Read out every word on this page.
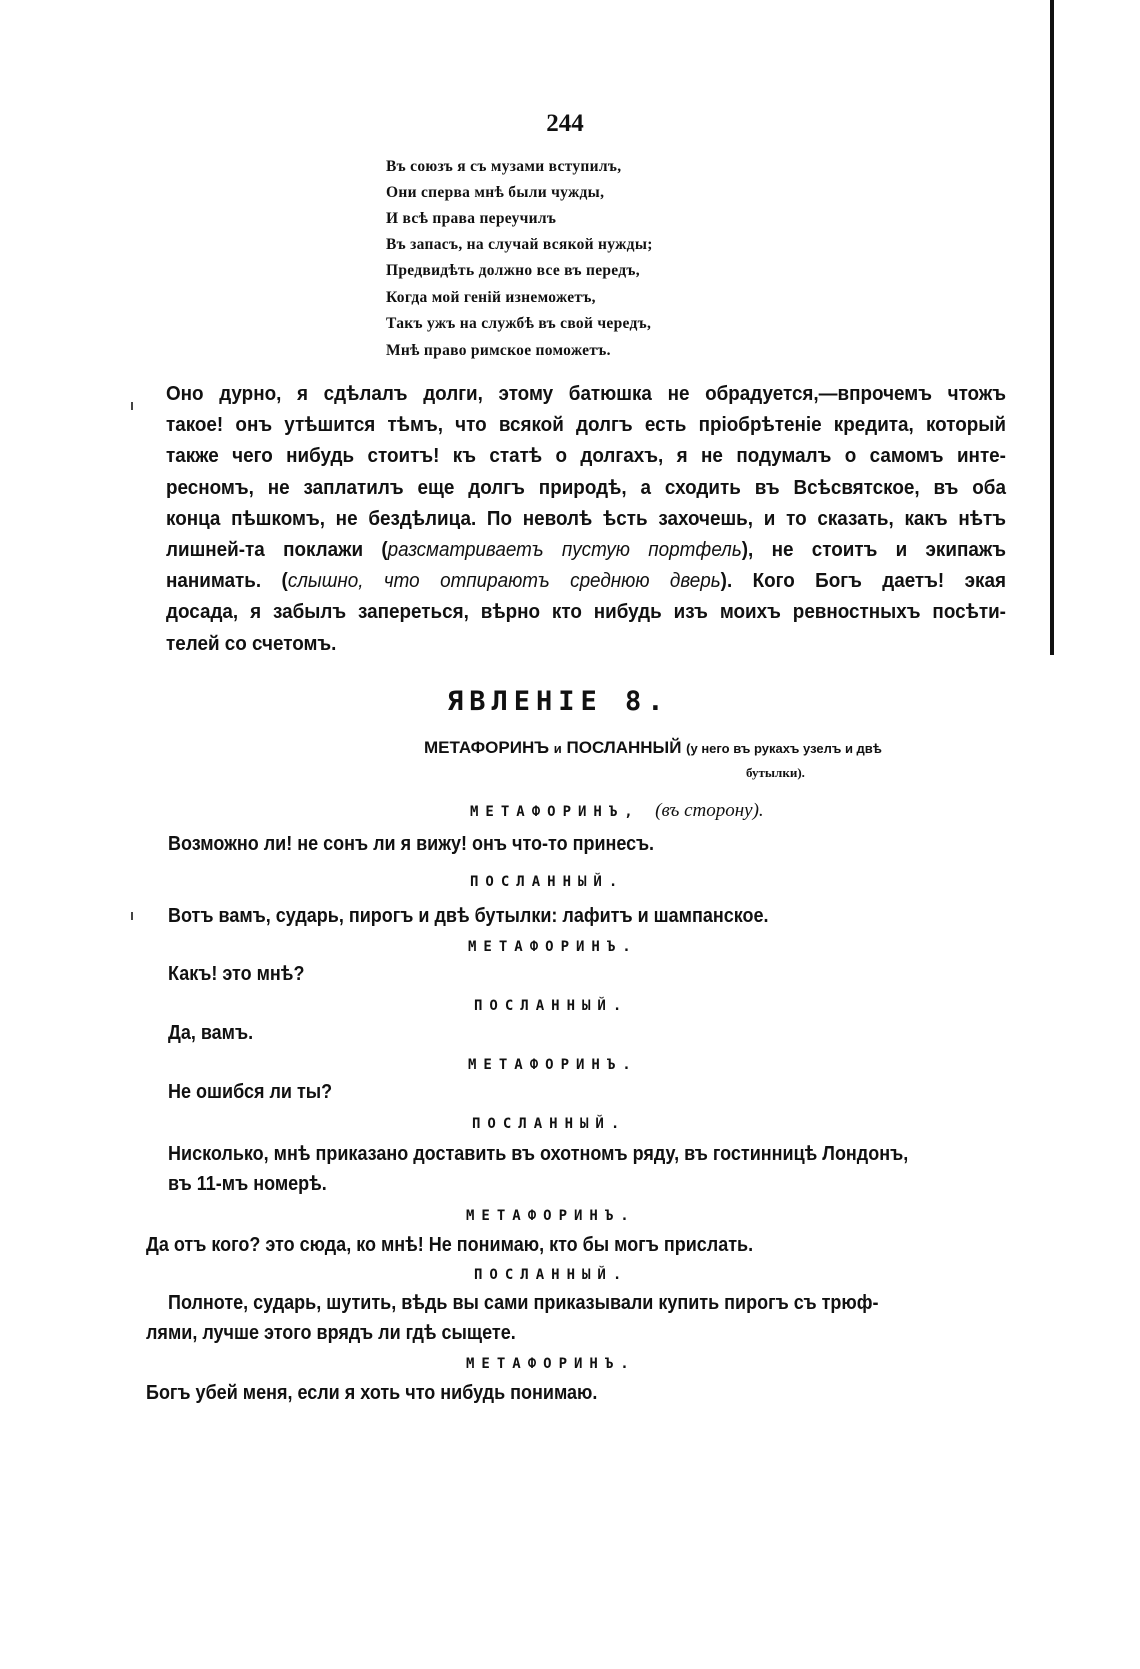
244
Въ союзъ я съ музами вступилъ,
Они сперва мнѣ были чужды,
И всѣ права переучилъ
Въ запасъ, на случай всякой нужды;
Предвидѣть должно все въ передъ,
Когда мой генiй изнеможетъ,
Такъ ужъ на службѣ въ свой чередъ,
Мнѣ право римское поможетъ.
Оно дурно, я сдѣлалъ долги, этому батюшка не обрадуется,—впрочемъ чтожъ
такое! онъ утѣшится тѣмъ, что всякой долгъ есть пріобрѣтеніе кредита, который
также чего нибудь стоитъ! къ статѣ о долгахъ, я не подумалъ о самомъ инте-
ресномъ, не заплатилъ еще долгъ природѣ, а сходить въ Всѣсвятское, въ оба
конца пѣшкомъ, не бездѣлица. По неволѣ ѣсть захочешь, и то сказать, какъ нѣтъ
лишней-та поклажи (разсматриваетъ пустую портфель), не стоитъ и экипажъ
нанимать. (слышно, что отпираютъ среднюю дверь). Кого Богъ даетъ! экая
досада, я забылъ запереться, вѣрно кто нибудь изъ моихъ ревностныхъ посѣти-
телей со счетомъ.
ЯВЛЕНІЕ 8.
МЕТАФОРИНЪ и ПОСЛАННЫЙ (у него въ рукахъ узелъ и двѣ
бутылки).
МЕТАФОРИНЪ, (въ сторону).
Возможно ли! не сонъ ли я вижу! онъ что-то принесъ.
ПОСЛАННЫЙ.
Вотъ вамъ, сударь, пирогъ и двѣ бутылки: лафитъ и шампанское.
МЕТАФОРИНЪ.
Какъ! это мнѣ?
ПОСЛАННЫЙ.
Да, вамъ.
МЕТАФОРИНЪ.
Не ошибся ли ты?
ПОСЛАННЫЙ.
Нисколько, мнѣ приказано доставить въ охотномъ ряду, въ гостинницѣ Лондонъ,
въ 11-мъ номерѣ.
МЕТАФОРИНЪ.
Да отъ кого? это сюда, ко мнѣ! Не понимаю, кто бы могъ прислать.
ПОСЛАННЫЙ.
Полноте, сударь, шутить, вѣдь вы сами приказывали купить пирогъ съ трюф-
лями, лучше этого врядъ ли гдѣ сыщете.
МЕТАФОРИНЪ.
Богъ убей меня, если я хоть что нибудь понимаю.
